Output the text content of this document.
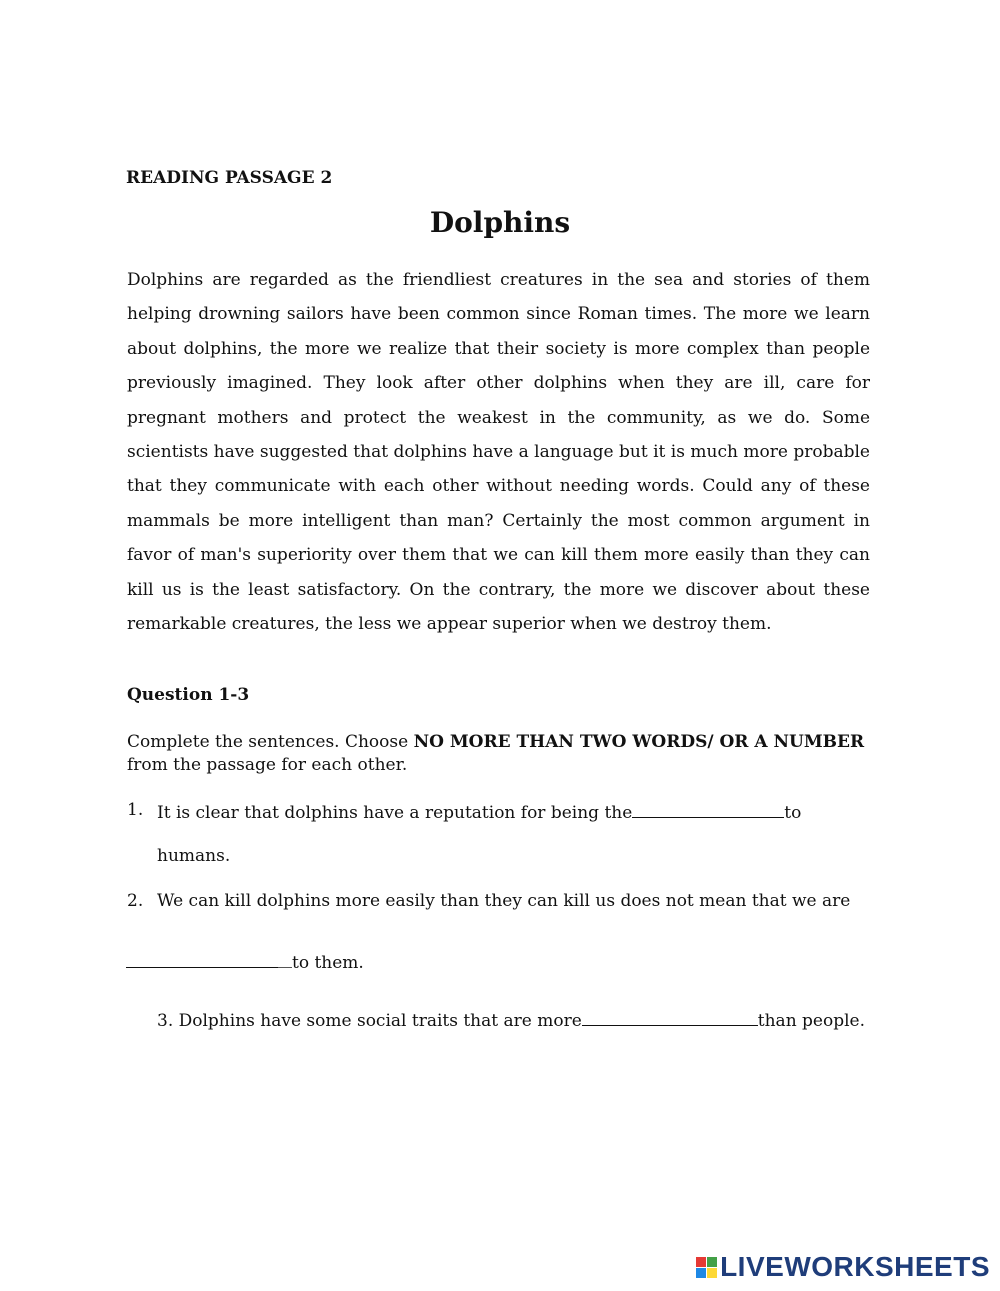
READING PASSAGE 2
Dolphins

Dolphins are regarded as the friendliest creatures in the sea and stories of them helping drowning sailors have been common since Roman times. The more we learn about dolphins, the more we realize that their society is more complex than people previously imagined. They look after other dolphins when they are ill, care for pregnant mothers and protect the weakest in the community, as we do. Some scientists have suggested that dolphins have a language but it is much more probable that they communicate with each other without needing words. Could any of these mammals be more intelligent than man? Certainly the most common argument in favor of man's superiority over them that we can kill them more easily than they can kill us is the least satisfactory. On the contrary, the more we discover about these remarkable creatures, the less we appear superior when we destroy them.

Question 1-3
Complete the sentences. Choose NO MORE THAN TWO WORDS/ OR A NUMBER
from the passage for each other.
1. It is clear that dolphins have a reputation for being the	to
humans.
2. We can kill dolphins more easily than they can kill us does not mean that we are
to them.
3. Dolphins have some social traits that are more	than people.
LIVEWORKSHEETS
